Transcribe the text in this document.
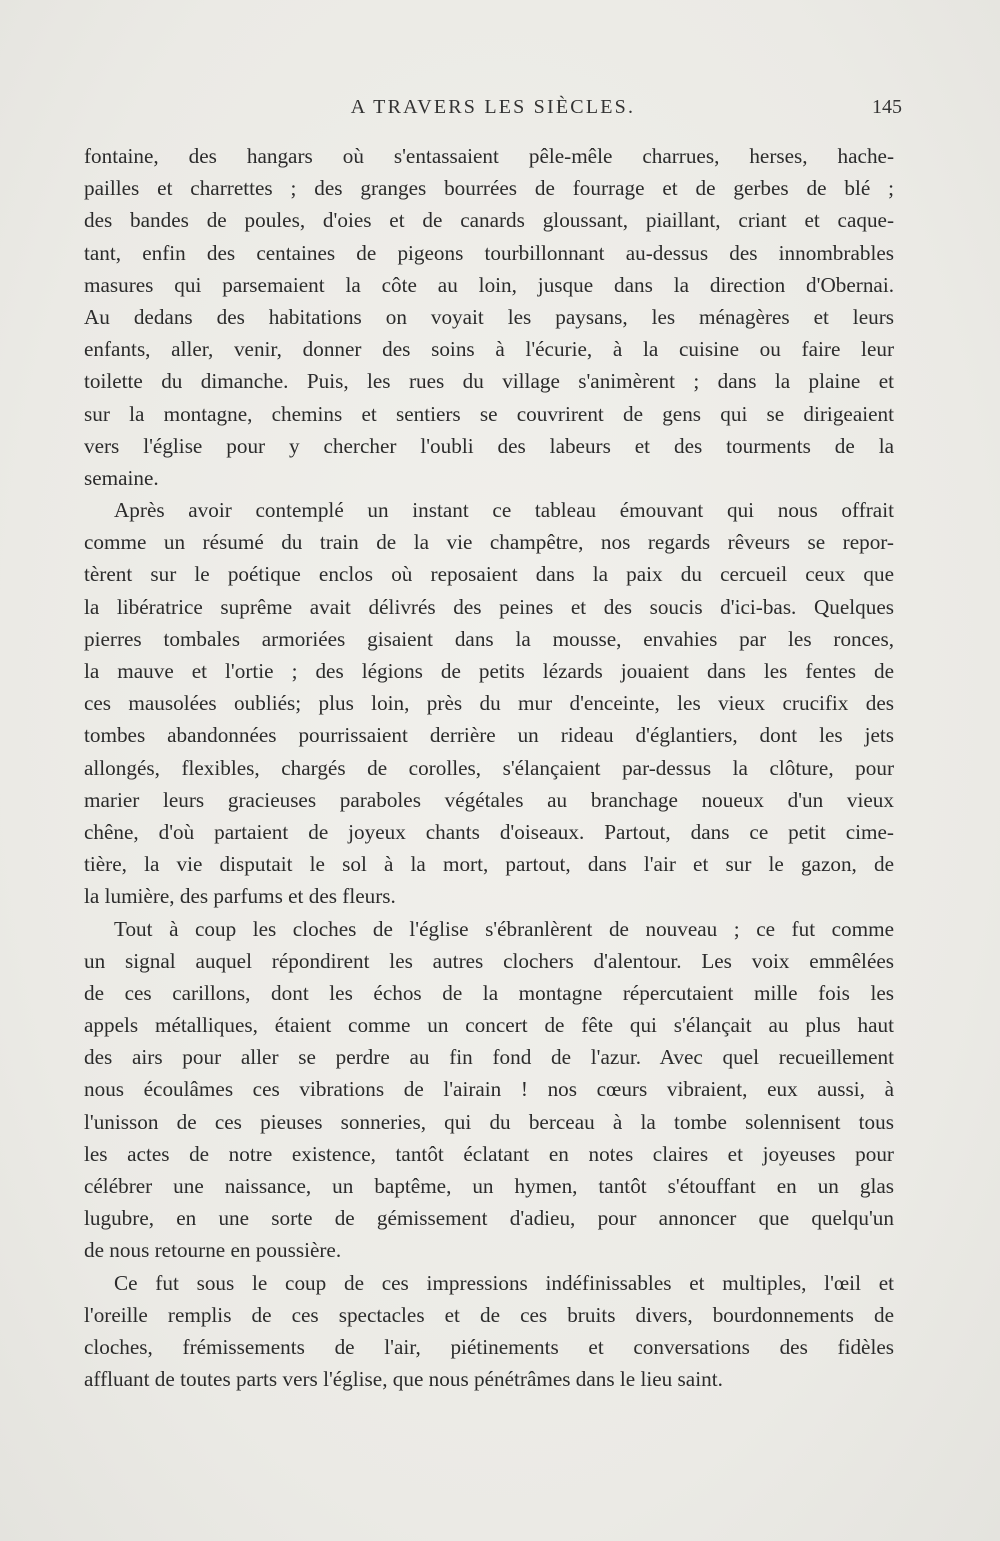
A TRAVERS LES SIÈCLES.	145
fontaine, des hangars où s'entassaient pêle-mêle charrues, herses, hache-
pailles et charrettes ; des granges bourrées de fourrage et de gerbes de blé ;
des bandes de poules, d'oies et de canards gloussant, piaillant, criant et caque-
tant, enfin des centaines de pigeons tourbillonnant au-dessus des innombrables
masures qui parsemaient la côte au loin, jusque dans la direction d'Obernai.
Au dedans des habitations on voyait les paysans, les ménagères et leurs
enfants, aller, venir, donner des soins à l'écurie, à la cuisine ou faire leur
toilette du dimanche. Puis, les rues du village s'animèrent ; dans la plaine et
sur la montagne, chemins et sentiers se couvrirent de gens qui se dirigeaient
vers l'église pour y chercher l'oubli des labeurs et des tourments de la
semaine.
Après avoir contemplé un instant ce tableau émouvant qui nous offrait
comme un résumé du train de la vie champêtre, nos regards rêveurs se repor-
tèrent sur le poétique enclos où reposaient dans la paix du cercueil ceux que
la libératrice suprême avait délivrés des peines et des soucis d'ici-bas. Quelques
pierres tombales armoriées gisaient dans la mousse, envahies par les ronces,
la mauve et l'ortie ; des légions de petits lézards jouaient dans les fentes de
ces mausolées oubliés; plus loin, près du mur d'enceinte, les vieux crucifix des
tombes abandonnées pourrissaient derrière un rideau d'églantiers, dont les jets
allongés, flexibles, chargés de corolles, s'élançaient par-dessus la clôture, pour
marier leurs gracieuses paraboles végétales au branchage noueux d'un vieux
chêne, d'où partaient de joyeux chants d'oiseaux. Partout, dans ce petit cime-
tière, la vie disputait le sol à la mort, partout, dans l'air et sur le gazon, de
la lumière, des parfums et des fleurs.
Tout à coup les cloches de l'église s'ébranlèrent de nouveau ; ce fut comme
un signal auquel répondirent les autres clochers d'alentour. Les voix emmêlées
de ces carillons, dont les échos de la montagne répercutaient mille fois les
appels métalliques, étaient comme un concert de fête qui s'élançait au plus haut
des airs pour aller se perdre au fin fond de l'azur. Avec quel recueillement
nous écoulâmes ces vibrations de l'airain ! nos cœurs vibraient, eux aussi, à
l'unisson de ces pieuses sonneries, qui du berceau à la tombe solennisent tous
les actes de notre existence, tantôt éclatant en notes claires et joyeuses pour
célébrer une naissance, un baptême, un hymen, tantôt s'étouffant en un glas
lugubre, en une sorte de gémissement d'adieu, pour annoncer que quelqu'un
de nous retourne en poussière.
Ce fut sous le coup de ces impressions indéfinissables et multiples, l'œil et
l'oreille remplis de ces spectacles et de ces bruits divers, bourdonnements de
cloches, frémissements de l'air, piétinements et conversations des fidèles
affluant de toutes parts vers l'église, que nous pénétrâmes dans le lieu saint.
